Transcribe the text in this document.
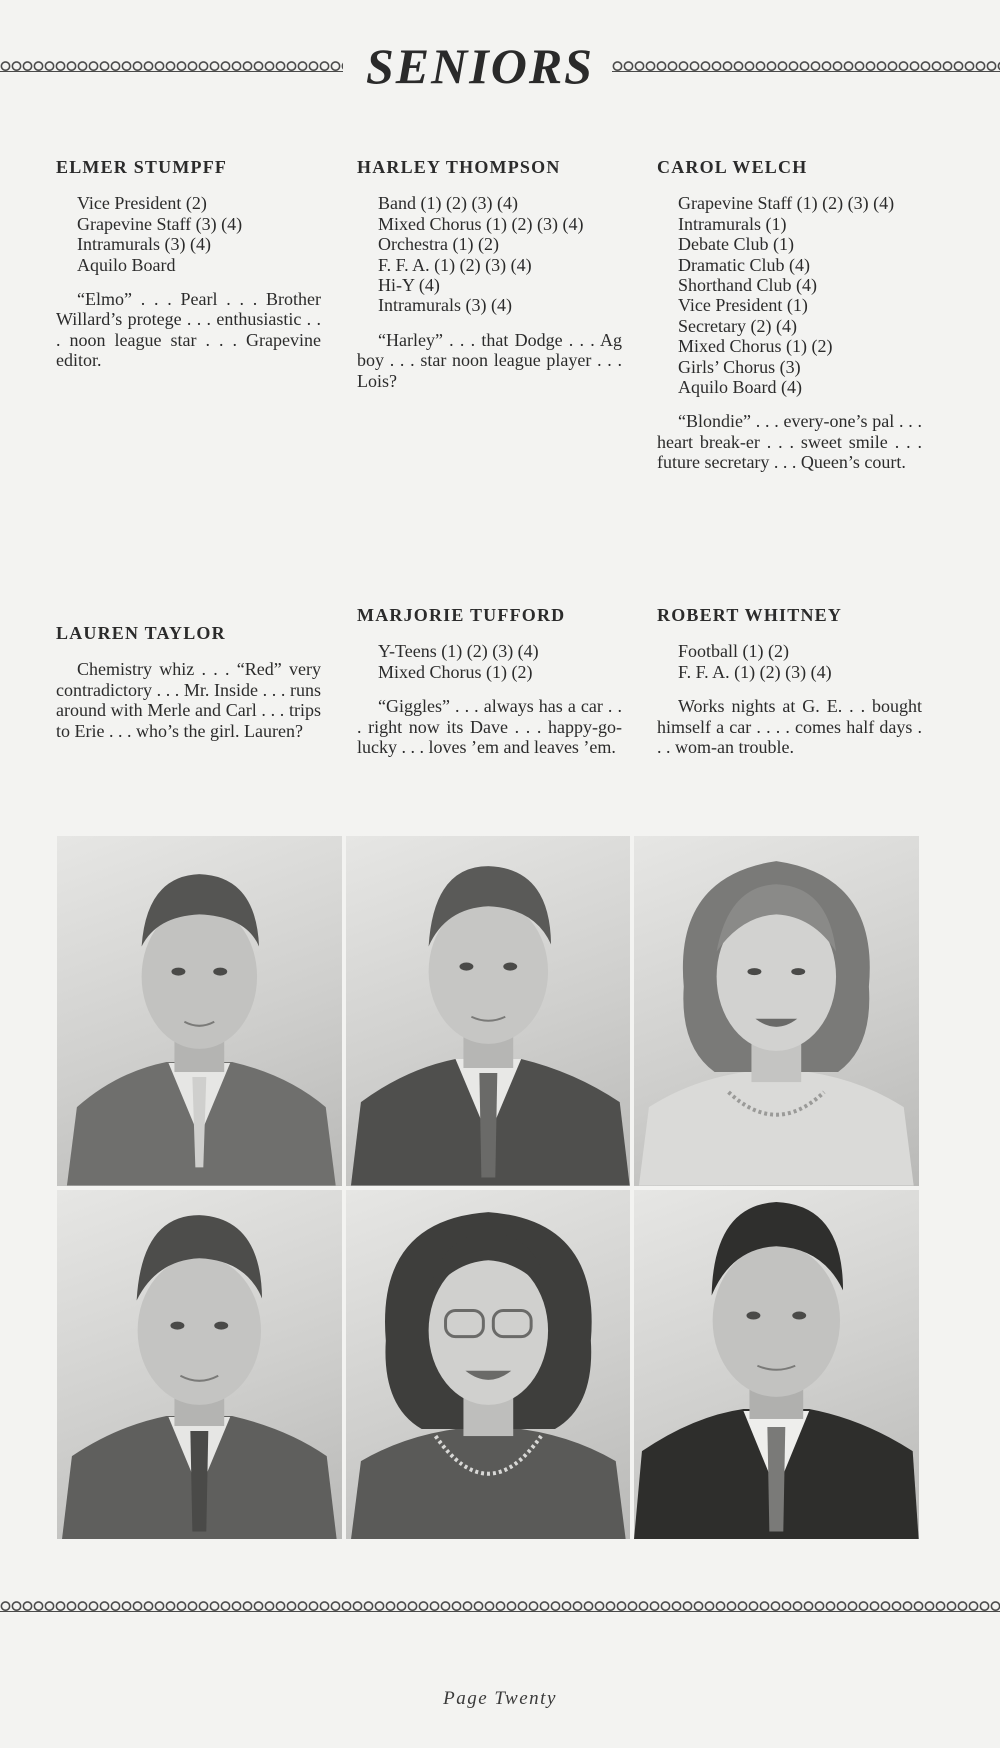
SENIORS

ELMER STUMPFF

Vice President (2)
Grapevine Staff (3) (4)
Intramurals (3) (4)
Aquilo Board

“Elmo” . . . Pearl . . . Brother Willard’s protege . . . enthusiastic . . . noon league star . . . Grapevine editor.

HARLEY THOMPSON

Band (1) (2) (3) (4)
Mixed Chorus (1) (2) (3) (4)
Orchestra (1) (2)
F. F. A. (1) (2) (3) (4)
Hi-Y (4)
Intramurals (3) (4)

“Harley” . . . that Dodge . . . Ag boy . . . star noon league player . . . Lois?

CAROL WELCH

Grapevine Staff (1) (2) (3) (4)
Intramurals (1)
Debate Club (1)
Dramatic Club (4)
Shorthand Club (4)
Vice President (1)
Secretary (2) (4)
Mixed Chorus (1) (2)
Girls’ Chorus (3)
Aquilo Board (4)

“Blondie” . . . every-one’s pal . . . heart break-er . . . sweet smile . . . future secretary . . . Queen’s court.

LAUREN TAYLOR

Chemistry whiz . . . “Red” very contradictory . . . Mr. Inside . . . runs around with Merle and Carl . . . trips to Erie . . . who’s the girl. Lauren?

MARJORIE TUFFORD

Y-Teens (1) (2) (3) (4)
Mixed Chorus (1) (2)

“Giggles” . . . always has a car . . . right now its Dave . . . happy-go-lucky . . . loves ’em and leaves ’em.

ROBERT WHITNEY

Football (1) (2)
F. F. A. (1) (2) (3) (4)

Works nights at G. E. . . bought himself a car . . . . comes half days . . . wom-an trouble.

Page Twenty
